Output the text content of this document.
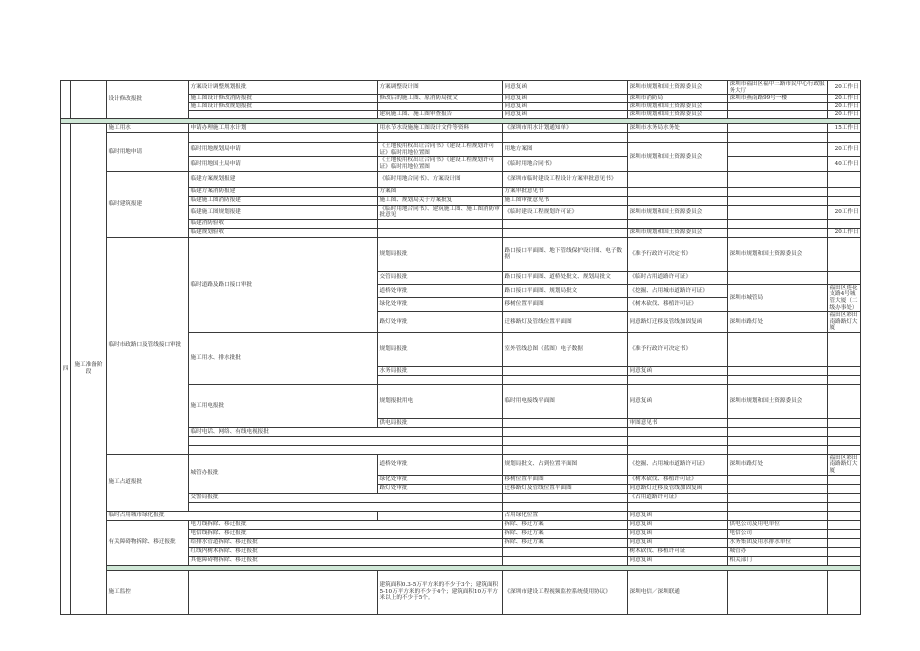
		设计修改报批	方案设计调整规划报批	方案调整设计图	同意复函	深圳市规划和国土资源委员会	深圳市福田区福中三路市民中心行政服务大厅	20工作日	
			施工图设计修改消防报批	修改后的施工图、原消防局批文	同意复函	深圳市消防局	深圳市燕南路99号一楼	20工作日	
			施工图设计修改规划报批		同意复函	深圳市规划和国土资源委员会		20工作日	
				建筑施工图、施工图审查报告	同意复函	深圳市规划和国土资源委员会		20工作日	

四	施工准备阶段	施工用水	申请办理施工用水计划	用水节水设施施工图设计文件等资料	《深圳市用水计划通知单》	深圳市水务局水务处		15工作日	
		临时用地申请							
			临时用地规划局申请	《土地使用权出让合同书》《建设工程规划许可证》临时用地位置图	用地方案图	深圳市规划和国土资源委员会		20工作日	
			临时用地国土局申请	《土地使用权出让合同书》《建设工程规划许可证》临时用地位置图	《临时用地合同书》			40工作日	
		临时建筑报建	临建方案规划报建	《临时用地合同书》、方案设计图	《深圳市临时建设工程设计方案审批意见书》				
			临建方案消防报建	方案图	方案审批意见书				
			临建施工图消防报建	施工图、规划局关于方案批复	施工图审批意见书				
			临建施工图规划报建	《临时用地合同书》、建筑施工图、施工图消防审批意见	《临时建设工程规划许可证》	深圳市规划和国土资源委员会		20工作日	
			临建消防验收						
			临建规划验收			深圳市规划和国土资源委员会		20工作日	
		临时市政路口及管线接口审批	临时道路及路口接口审批	规划局报批	路口接口平面图、地下管线保护设计图、电子数据	《准予行政许可决定书》	深圳市规划和国土资源委员会		
				交管局报批	路口接口平面图、道桥处批文、规划局批文	《临时占用道路许可证》			
				道桥处审批	路口接口平面图、规划局批文	《挖掘、占用城市道路许可证》	深圳市城管局	福田区莲花支路4号城管大厦（二级办事处）	
				绿化处审批	移树位置平面图	《树木砍伐、移植许可证》			
				路灯处审批	迁移路灯及管线位置平面图	同意路灯迁移及管线加固复函	深圳市路灯处	福田区彩田南路路灯大厦	
			施工用水、排水批批	规划局报批	室外管线总图（蓝图）电子数据	《准予行政许可决定书》			
				水务局报批		同意复函			

			施工用电报批	规划报批用电	临时用电接线平面图	同意复函	深圳市规划和国土资源委员会		
				供电局报批		审图意见书			
			临时电话、网络、有线电视报批						

		施工占道报批	城管办报批	道桥处审批	规划局批文、占到位置平面图	《挖掘、占用城市道路许可证》	深圳市路灯处	福田区彩田南路路灯大厦	
				绿化处审批	移树位置平面图	《树木砍伐、移植许可证》			
				路灯处审批	迁移路灯及管线位置平面图	同意路灯迁移及管线加固复函			
			交警局报批			《占用道路许可证》			

		临时占用城市绿化报批			占用绿化位置	同意复函			
		有关障碍物拆除、移迁报批	电力线拆除、移迁报批		拆除、移迁方案	同意复函	供电公司及用电单位		
			电信线拆除、移迁报批		拆除、移迁方案	同意复函	电信公司		
			给排水管道拆除、移迁报批		拆除、移迁方案	同意复函	水务集团及用水排水单位		
			红线内树木拆除、移迁报批			树木砍伐、移植许可证	城管办		
			其他障碍物拆除、移迁报批			同意复函	相关部门		

		施工监控		建筑面积0.3-5万平方米的不少于3个；建筑面积5-10万平方米的不少于4个；建筑面积10万平方米以上的不少于5个。	《深圳市建设工程视频监控系统使用协议》	深圳电信／深圳联通			
